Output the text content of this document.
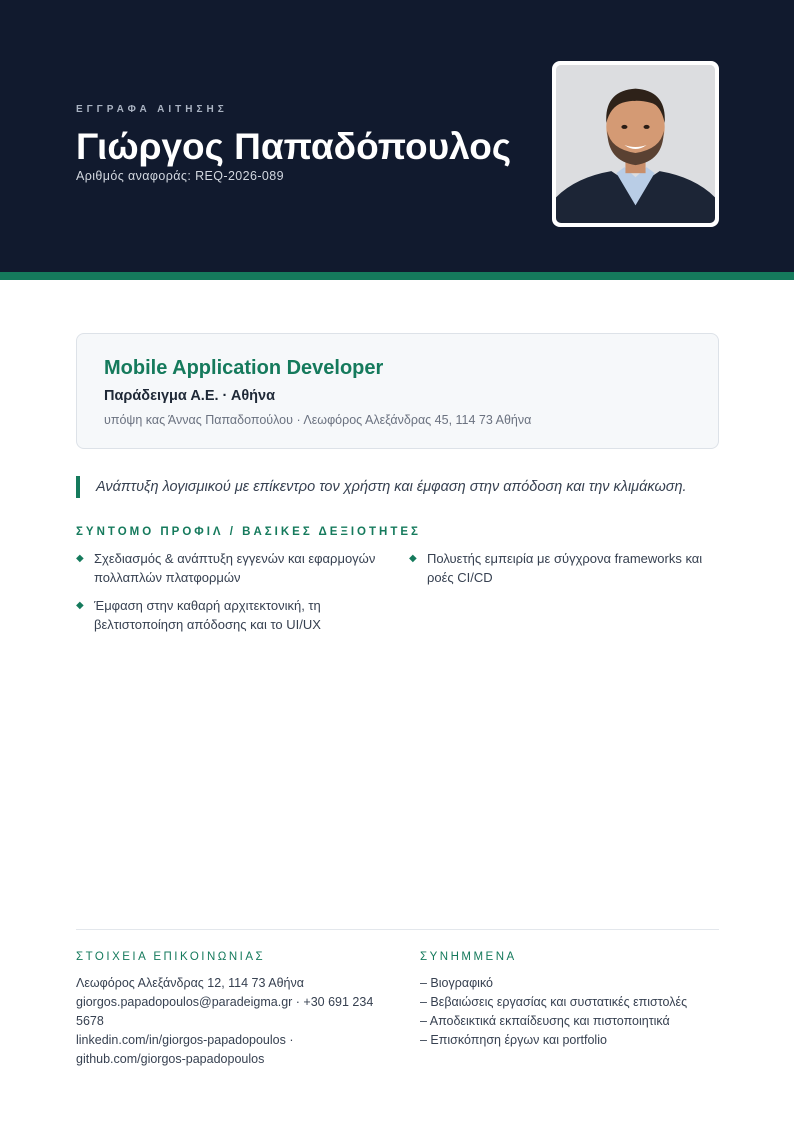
ΕΓΓΡΑΦΑ ΑΙΤΗΣΗΣ
Γιώργος Παπαδόπουλος
Αριθμός αναφοράς: REQ-2026-089
Mobile Application Developer
Παράδειγμα Α.Ε. · Αθήνα
υπόψη κας Άννας Παπαδοπούλου · Λεωφόρος Αλεξάνδρας 45, 114 73 Αθήνα
Ανάπτυξη λογισμικού με επίκεντρο τον χρήστη και έμφαση στην απόδοση και την κλιμάκωση.
ΣΥΝΤΟΜΟ ΠΡΟΦΙΛ / ΒΑΣΙΚΕΣ ΔΕΞΙΟΤΗΤΕΣ
◆ Σχεδιασμός & ανάπτυξη εγγενών και εφαρμογών πολλαπλών πλατφορμών
◆ Έμφαση στην καθαρή αρχιτεκτονική, τη βελτιστοποίηση απόδοσης και το UI/UX
◆ Πολυετής εμπειρία με σύγχρονα frameworks και ροές CI/CD
ΣΤΟΙΧΕΙΑ ΕΠΙΚΟΙΝΩΝΙΑΣ
Λεωφόρος Αλεξάνδρας 12, 114 73 Αθήνα
giorgos.papadopoulos@paradeigma.gr · +30 691 234 5678
linkedin.com/in/giorgos-papadopoulos · github.com/giorgos-papadopoulos
ΣΥΝΗΜΜΕΝΑ
– Βιογραφικό
– Βεβαιώσεις εργασίας και συστατικές επιστολές
– Αποδεικτικά εκπαίδευσης και πιστοποιητικά
– Επισκόπηση έργων και portfolio
